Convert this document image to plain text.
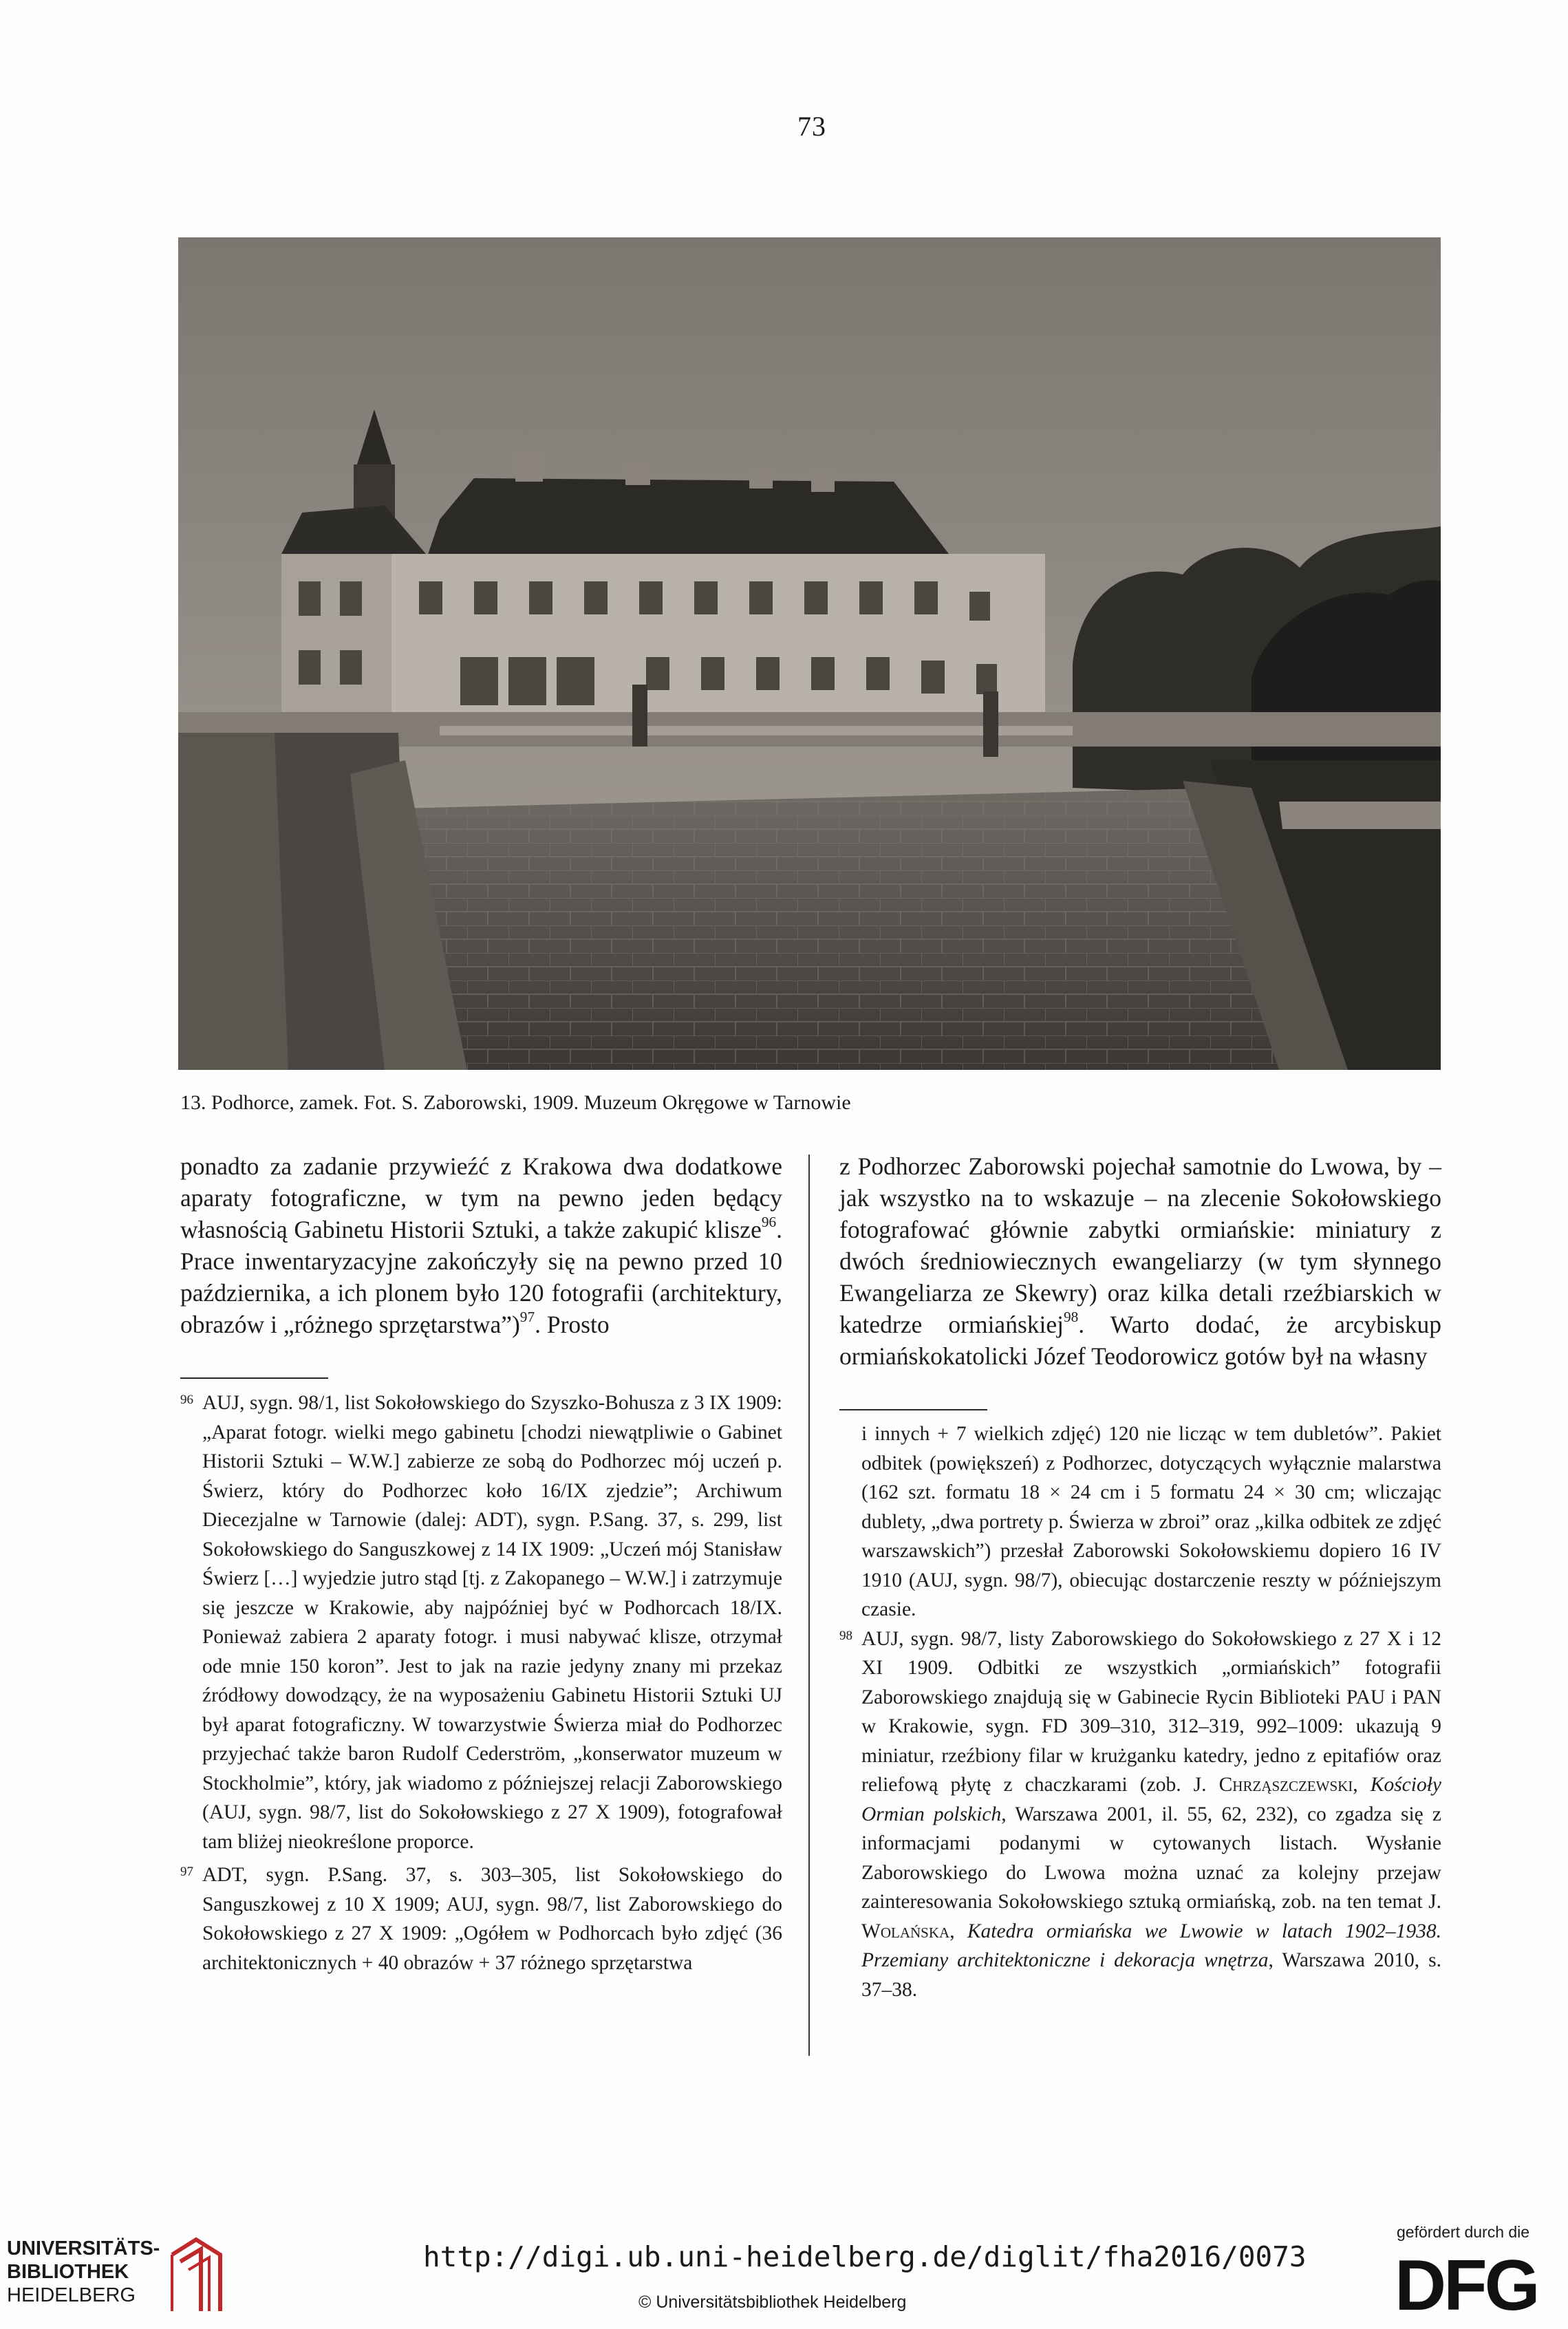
73
13. Podhorce, zamek. Fot. S. Zaborowski, 1909. Muzeum Okręgowe w Tarnowie

ponadto za zadanie przywieźć z Krakowa dwa dodatkowe aparaty fotograficzne, w tym na pewno jeden będący własnością Gabinetu Historii Sztuki, a także zakupić klisze$^{96}$. Prace inwentaryzacyjne zakończyły się na pewno przed 10 października, a ich plonem było 120 fotografii (architektury, obrazów i „różnego sprzętarstwa”)$^{97}$. Prosto

z Podhorzec Zaborowski pojechał samotnie do Lwowa, by – jak wszystko na to wskazuje – na zlecenie Sokołowskiego fotografować głównie zabytki ormiańskie: miniatury z dwóch średniowiecznych ewangeliarzy (w tym słynnego Ewangeliarza ze Skewry) oraz kilka detali rzeźbiarskich w katedrze ormiańskiej$^{98}$. Warto dodać, że arcybiskup ormiańskokatolicki Józef Teodorowicz gotów był na własny

96 AUJ, sygn. 98/1, list Sokołowskiego do Szyszko-Bohusza z 3 IX 1909: „Aparat fotogr. wielki mego gabinetu [chodzi niewątpliwie o Gabinet Historii Sztuki – W.W.] zabierze ze sobą do Podhorzec mój uczeń p. Świerz, który do Podhorzec koło 16/IX zjedzie”; Archiwum Diecezjalne w Tarnowie (dalej: ADT), sygn. P.Sang. 37, s. 299, list Sokołowskiego do Sanguszkowej z 14 IX 1909: „Uczeń mój Stanisław Świerz […] wyjedzie jutro stąd [tj. z Zakopanego – W.W.] i zatrzymuje się jeszcze w Krakowie, aby najpóźniej być w Podhorcach 18/IX. Ponieważ zabiera 2 aparaty fotogr. i musi nabywać klisze, otrzymał ode mnie 150 koron”. Jest to jak na razie jedyny znany mi przekaz źródłowy dowodzący, że na wyposażeniu Gabinetu Historii Sztuki UJ był aparat fotograficzny. W towarzystwie Świerza miał do Podhorzec przyjechać także baron Rudolf Cederström, „konserwator muzeum w Stockholmie”, który, jak wiadomo z późniejszej relacji Zaborowskiego (AUJ, sygn. 98/7, list do Sokołowskiego z 27 X 1909), fotografował tam bliżej nieokreślone proporce.

97 ADT, sygn. P.Sang. 37, s. 303–305, list Sokołowskiego do Sanguszkowej z 10 X 1909; AUJ, sygn. 98/7, list Zaborowskiego do Sokołowskiego z 27 X 1909: „Ogółem w Podhorcach było zdjęć (36 architektonicznych + 40 obrazów + 37 różnego sprzętarstwa

i innych + 7 wielkich zdjęć) 120 nie licząc w tem dubletów”. Pakiet odbitek (powiększeń) z Podhorzec, dotyczących wyłącznie malarstwa (162 szt. formatu 18 × 24 cm i 5 formatu 24 × 30 cm; wliczając dublety, „dwa portrety p. Świerza w zbroi” oraz „kilka odbitek ze zdjęć warszawskich”) przesłał Zaborowski Sokołowskiemu dopiero 16 IV 1910 (AUJ, sygn. 98/7), obiecując dostarczenie reszty w późniejszym czasie.

98 AUJ, sygn. 98/7, listy Zaborowskiego do Sokołowskiego z 27 X i 12 XI 1909. Odbitki ze wszystkich „ormiańskich” fotografii Zaborowskiego znajdują się w Gabinecie Rycin Biblioteki PAU i PAN w Krakowie, sygn. FD 309–310, 312–319, 992–1009: ukazują 9 miniatur, rzeźbiony filar w krużganku katedry, jedno z epitafiów oraz reliefową płytę z chaczkarami (zob. J. Chrząszczewski, Kościoły Ormian polskich, Warszawa 2001, il. 55, 62, 232), co zgadza się z informacjami podanymi w cytowanych listach. Wysłanie Zaborowskiego do Lwowa można uznać za kolejny przejaw zainteresowania Sokołowskiego sztuką ormiańską, zob. na ten temat J. Wolańska, Katedra ormiańska we Lwowie w latach 1902–1938. Przemiany architektoniczne i dekoracja wnętrza, Warszawa 2010, s. 37–38.

UNIVERSITÄTS-
BIBLIOTHEK
HEIDELBERG
http://digi.ub.uni-heidelberg.de/diglit/fha2016/0073
© Universitätsbibliothek Heidelberg
gefördert durch die
DFG
